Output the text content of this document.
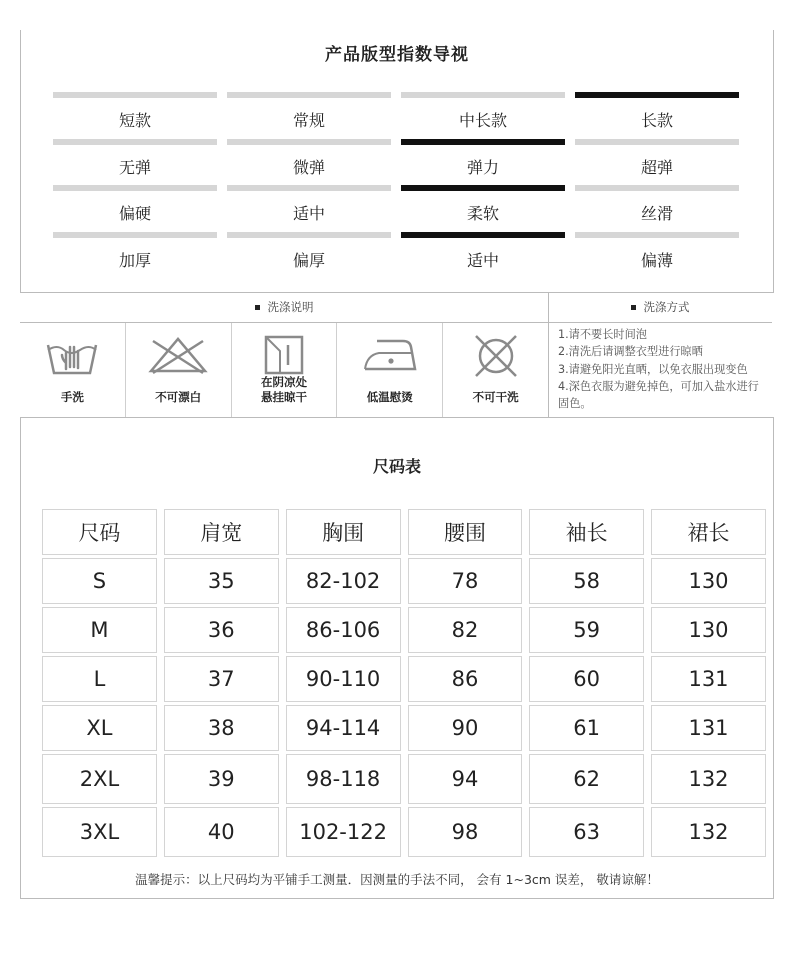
产品版型指数导视
短款	常规	中长款	长款
无弹	微弹	弹力	超弹
偏硬	适中	柔软	丝滑
加厚	偏厚	适中	偏薄
洗涤说明	洗涤方式
手洗	不可漂白
在阴凉处
悬挂晾干	低温慰烫	不可干洗
1.请不要长时间泡
2.清洗后请调整衣型进行晾晒
3.请避免阳光直晒，以免衣服出现变色
4.深色衣服为避免掉色，可加入盐水进行固色。
尺码表
尺码	肩宽	胸围	腰围	袖长	裙长
S	35	82-102	78	58	130
M	36	86-106	82	59	130
L	37	90-110	86	60	131
XL	38	94-114	90	61	131
2XL	39	98-118	94	62	132
3XL	40	102-122	98	63	132
温馨提示：以上尺码均为平铺手工测量．因测量的手法不同， 会有 1~3cm 误差， 敬请谅解！
